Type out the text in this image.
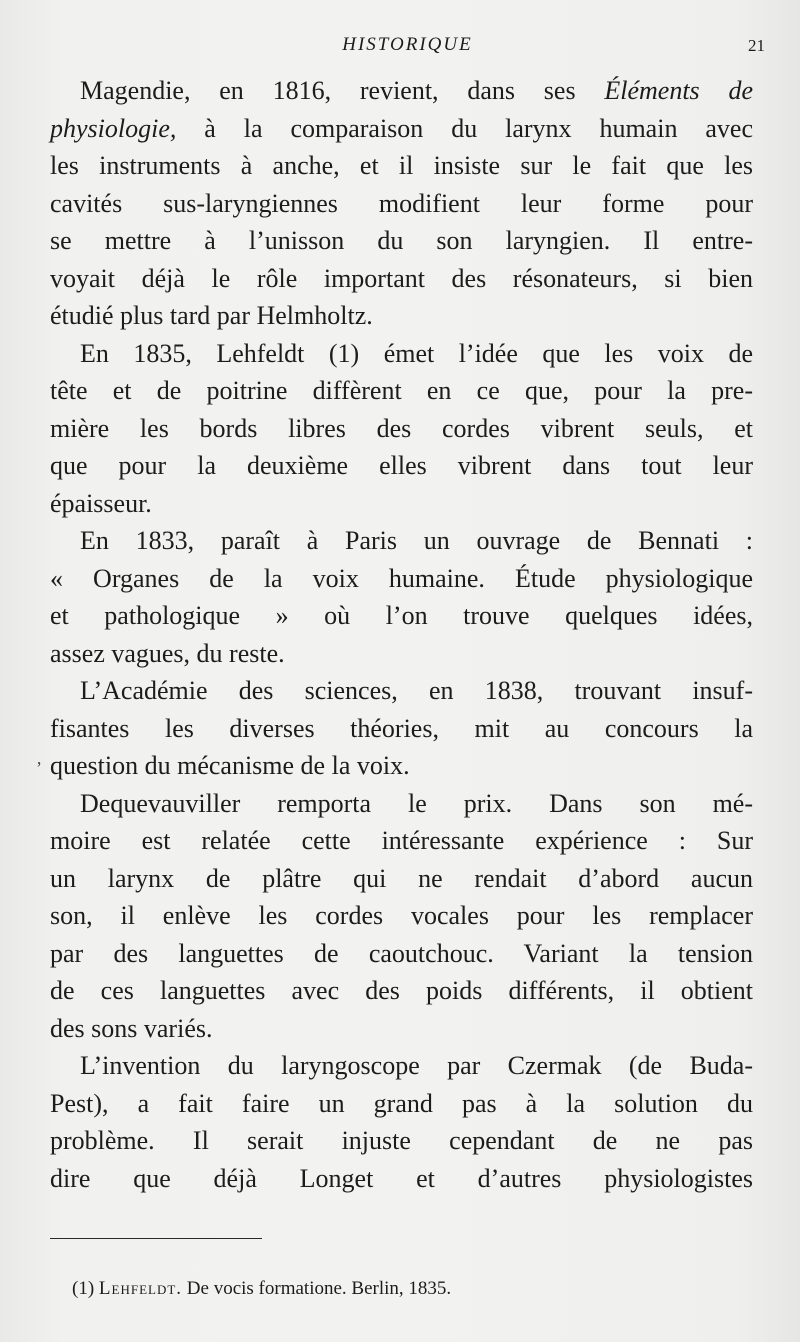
HISTORIQUE	21
’
Magendie, en 1816, revient, dans ses Éléments de
physiologie, à la comparaison du larynx humain avec
les instruments à anche, et il insiste sur le fait que les
cavités sus-laryngiennes modifient leur forme pour
se mettre à l’unisson du son laryngien. Il entre-
voyait déjà le rôle important des résonateurs, si bien
étudié plus tard par Helmholtz.
En 1835, Lehfeldt (1) émet l’idée que les voix de
tête et de poitrine diffèrent en ce que, pour la pre-
mière les bords libres des cordes vibrent seuls, et
que pour la deuxième elles vibrent dans tout leur
épaisseur.
En 1833, paraît à Paris un ouvrage de Bennati :
« Organes de la voix humaine. Étude physiologique
et pathologique » où l’on trouve quelques idées,
assez vagues, du reste.
L’Académie des sciences, en 1838, trouvant insuf-
fisantes les diverses théories, mit au concours la
question du mécanisme de la voix.
Dequevauviller remporta le prix. Dans son mé-
moire est relatée cette intéressante expérience : Sur
un larynx de plâtre qui ne rendait d’abord aucun
son, il enlève les cordes vocales pour les remplacer
par des languettes de caoutchouc. Variant la tension
de ces languettes avec des poids différents, il obtient
des sons variés.
L’invention du laryngoscope par Czermak (de Buda-
Pest), a fait faire un grand pas à la solution du
problème. Il serait injuste cependant de ne pas
dire que déjà Longet et d’autres physiologistes
(1) Lehfeldt. De vocis formatione. Berlin, 1835.
